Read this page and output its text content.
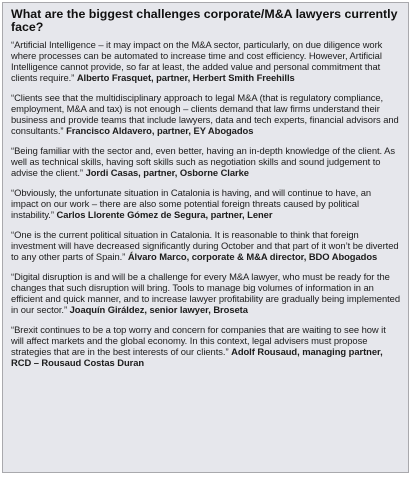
What are the biggest challenges corporate/M&A lawyers currently face?

“Artificial Intelligence – it may impact on the M&A sector, particularly, on due diligence work where processes can be automated to increase time and cost efficiency. However, Artificial Intelligence cannot provide, so far at least, the added value and personal commitment that clients require.” Alberto Frasquet, partner, Herbert Smith Freehills

“Clients see that the multidisciplinary approach to legal M&A (that is regulatory compliance, employment, M&A and tax) is not enough – clients demand that law firms understand their business and provide teams that include lawyers, data and tech experts, financial advisors and consultants.” Francisco Aldavero, partner, EY Abogados

“Being familiar with the sector and, even better, having an in-depth knowledge of the client. As well as technical skills, having soft skills such as negotiation skills and sound judgement to advise the client.” Jordi Casas, partner, Osborne Clarke

“Obviously, the unfortunate situation in Catalonia is having, and will continue to have, an impact on our work – there are also some potential foreign threats caused by political instability.” Carlos Llorente Gómez de Segura, partner, Lener

“One is the current political situation in Catalonia. It is reasonable to think that foreign investment will have decreased significantly during October and that part of it won’t be diverted to any other parts of Spain.” Álvaro Marco, corporate & M&A director, BDO Abogados

“Digital disruption is and will be a challenge for every M&A lawyer, who must be ready for the changes that such disruption will bring. Tools to manage big volumes of information in an efficient and quick manner, and to increase lawyer profitability are gradually being implemented in our sector.” Joaquín Giráldez, senior lawyer, Broseta

“Brexit continues to be a top worry and concern for companies that are waiting to see how it will affect markets and the global economy. In this context, legal advisers must propose strategies that are in the best interests of our clients.” Adolf Rousaud, managing partner, RCD – Rousaud Costas Duran
